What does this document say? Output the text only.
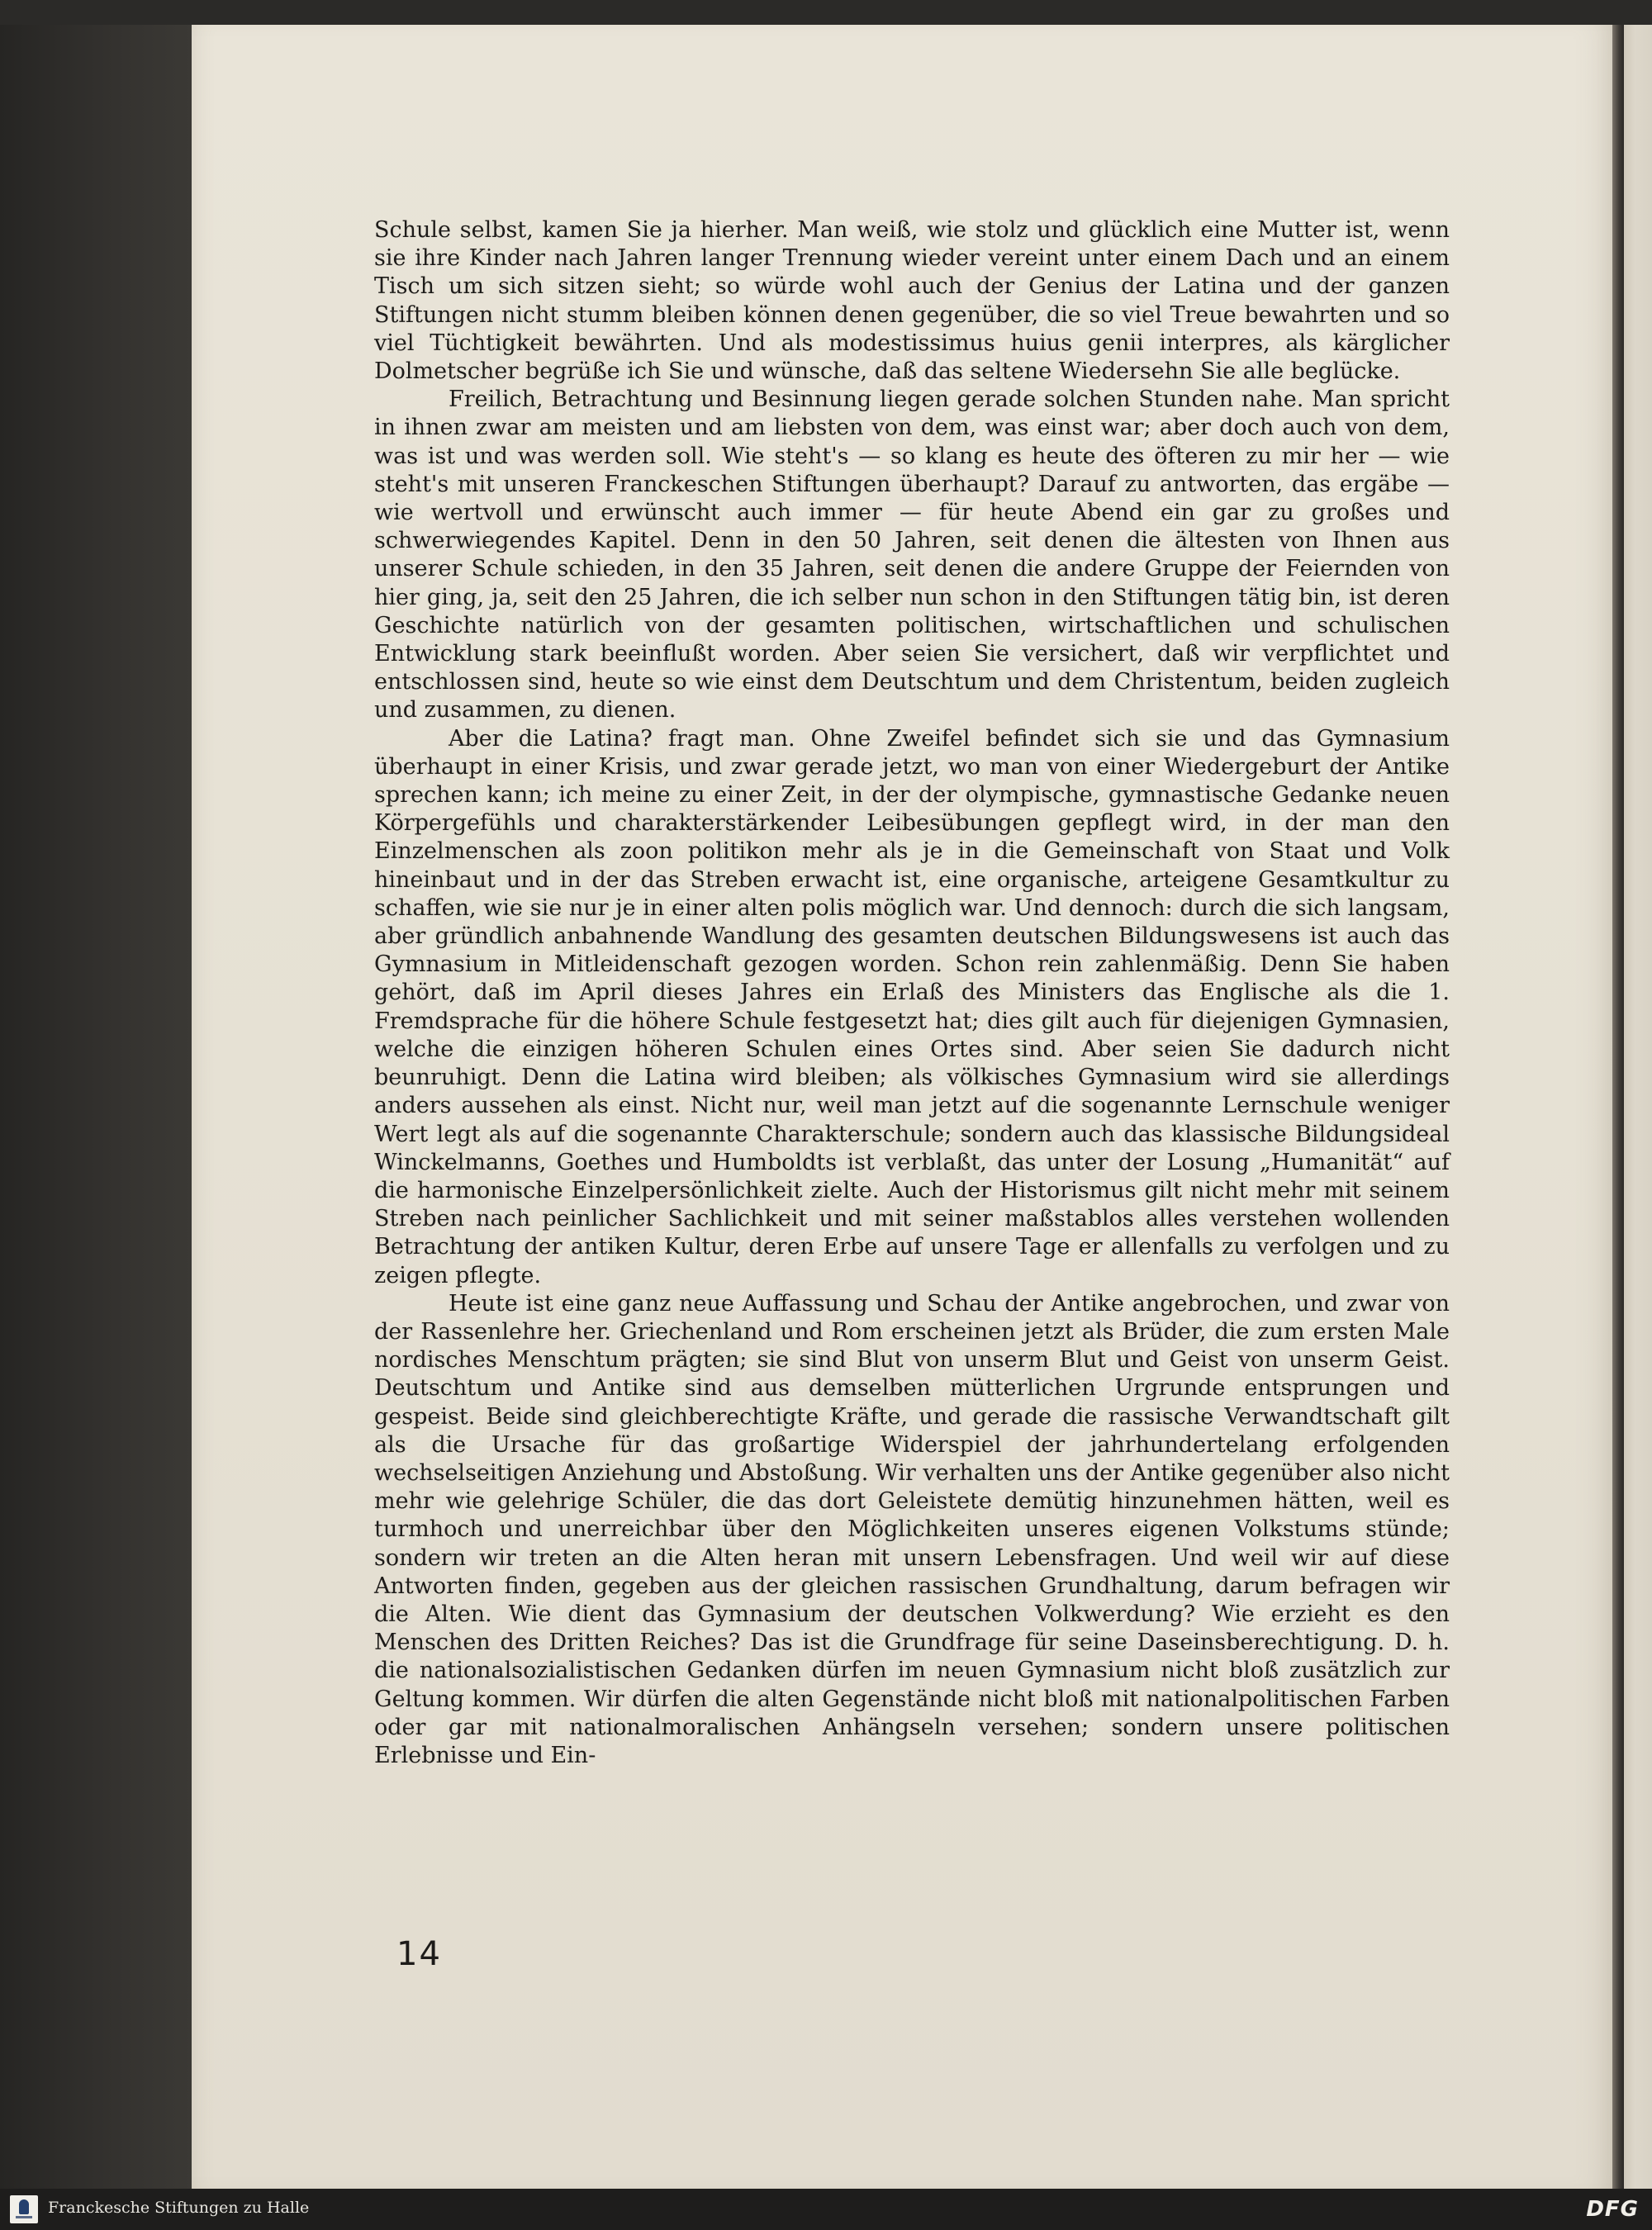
Schule selbst, kamen Sie ja hierher. Man weiß, wie stolz und glücklich eine Mutter ist, wenn sie ihre Kinder nach Jahren langer Trennung wieder vereint unter einem Dach und an einem Tisch um sich sitzen sieht; so würde wohl auch der Genius der Latina und der ganzen Stiftungen nicht stumm bleiben können denen gegenüber, die so viel Treue bewahrten und so viel Tüchtigkeit bewährten. Und als modestissimus huius genii interpres, als kärglicher Dolmetscher begrüße ich Sie und wünsche, daß das seltene Wiedersehn Sie alle beglücke.

Freilich, Betrachtung und Besinnung liegen gerade solchen Stunden nahe. Man spricht in ihnen zwar am meisten und am liebsten von dem, was einst war; aber doch auch von dem, was ist und was werden soll. Wie steht's — so klang es heute des öfteren zu mir her — wie steht's mit unseren Franckeschen Stiftungen überhaupt? Darauf zu antworten, das ergäbe — wie wertvoll und erwünscht auch immer — für heute Abend ein gar zu großes und schwerwiegendes Kapitel. Denn in den 50 Jahren, seit denen die ältesten von Ihnen aus unserer Schule schieden, in den 35 Jahren, seit denen die andere Gruppe der Feiernden von hier ging, ja, seit den 25 Jahren, die ich selber nun schon in den Stiftungen tätig bin, ist deren Geschichte natürlich von der gesamten politischen, wirtschaftlichen und schulischen Entwicklung stark beeinflußt worden. Aber seien Sie versichert, daß wir verpflichtet und entschlossen sind, heute so wie einst dem Deutschtum und dem Christentum, beiden zugleich und zusammen, zu dienen.

Aber die Latina? fragt man. Ohne Zweifel befindet sich sie und das Gymnasium überhaupt in einer Krisis, und zwar gerade jetzt, wo man von einer Wiedergeburt der Antike sprechen kann; ich meine zu einer Zeit, in der der olympische, gymnastische Gedanke neuen Körpergefühls und charakterstärkender Leibesübungen gepflegt wird, in der man den Einzelmenschen als zoon politikon mehr als je in die Gemeinschaft von Staat und Volk hineinbaut und in der das Streben erwacht ist, eine organische, arteigene Gesamtkultur zu schaffen, wie sie nur je in einer alten polis möglich war. Und dennoch: durch die sich langsam, aber gründlich anbahnende Wandlung des gesamten deutschen Bildungswesens ist auch das Gymnasium in Mitleidenschaft gezogen worden. Schon rein zahlenmäßig. Denn Sie haben gehört, daß im April dieses Jahres ein Erlaß des Ministers das Englische als die 1. Fremdsprache für die höhere Schule festgesetzt hat; dies gilt auch für diejenigen Gymnasien, welche die einzigen höheren Schulen eines Ortes sind. Aber seien Sie dadurch nicht beunruhigt. Denn die Latina wird bleiben; als völkisches Gymnasium wird sie allerdings anders aussehen als einst. Nicht nur, weil man jetzt auf die sogenannte Lernschule weniger Wert legt als auf die sogenannte Charakterschule; sondern auch das klassische Bildungsideal Winckelmanns, Goethes und Humboldts ist verblaßt, das unter der Losung „Humanität“ auf die harmonische Einzelpersönlichkeit zielte. Auch der Historismus gilt nicht mehr mit seinem Streben nach peinlicher Sachlichkeit und mit seiner maßstablos alles verstehen wollenden Betrachtung der antiken Kultur, deren Erbe auf unsere Tage er allenfalls zu verfolgen und zu zeigen pflegte.

Heute ist eine ganz neue Auffassung und Schau der Antike angebrochen, und zwar von der Rassenlehre her. Griechenland und Rom erscheinen jetzt als Brüder, die zum ersten Male nordisches Menschtum prägten; sie sind Blut von unserm Blut und Geist von unserm Geist. Deutschtum und Antike sind aus demselben mütterlichen Urgrunde entsprungen und gespeist. Beide sind gleichberechtigte Kräfte, und gerade die rassische Verwandtschaft gilt als die Ursache für das großartige Widerspiel der jahrhundertelang erfolgenden wechselseitigen Anziehung und Abstoßung. Wir verhalten uns der Antike gegenüber also nicht mehr wie gelehrige Schüler, die das dort Geleistete demütig hinzunehmen hätten, weil es turmhoch und unerreichbar über den Möglichkeiten unseres eigenen Volkstums stünde; sondern wir treten an die Alten heran mit unsern Lebensfragen. Und weil wir auf diese Antworten finden, gegeben aus der gleichen rassischen Grundhaltung, darum befragen wir die Alten. Wie dient das Gymnasium der deutschen Volkwerdung? Wie erzieht es den Menschen des Dritten Reiches? Das ist die Grundfrage für seine Daseinsberechtigung. D. h. die nationalsozialistischen Gedanken dürfen im neuen Gymnasium nicht bloß zusätzlich zur Geltung kommen. Wir dürfen die alten Gegenstände nicht bloß mit nationalpolitischen Farben oder gar mit nationalmoralischen Anhängseln versehen; sondern unsere politischen Erlebnisse und Ein-

14
Franckesche Stiftungen zu Halle	DFG
